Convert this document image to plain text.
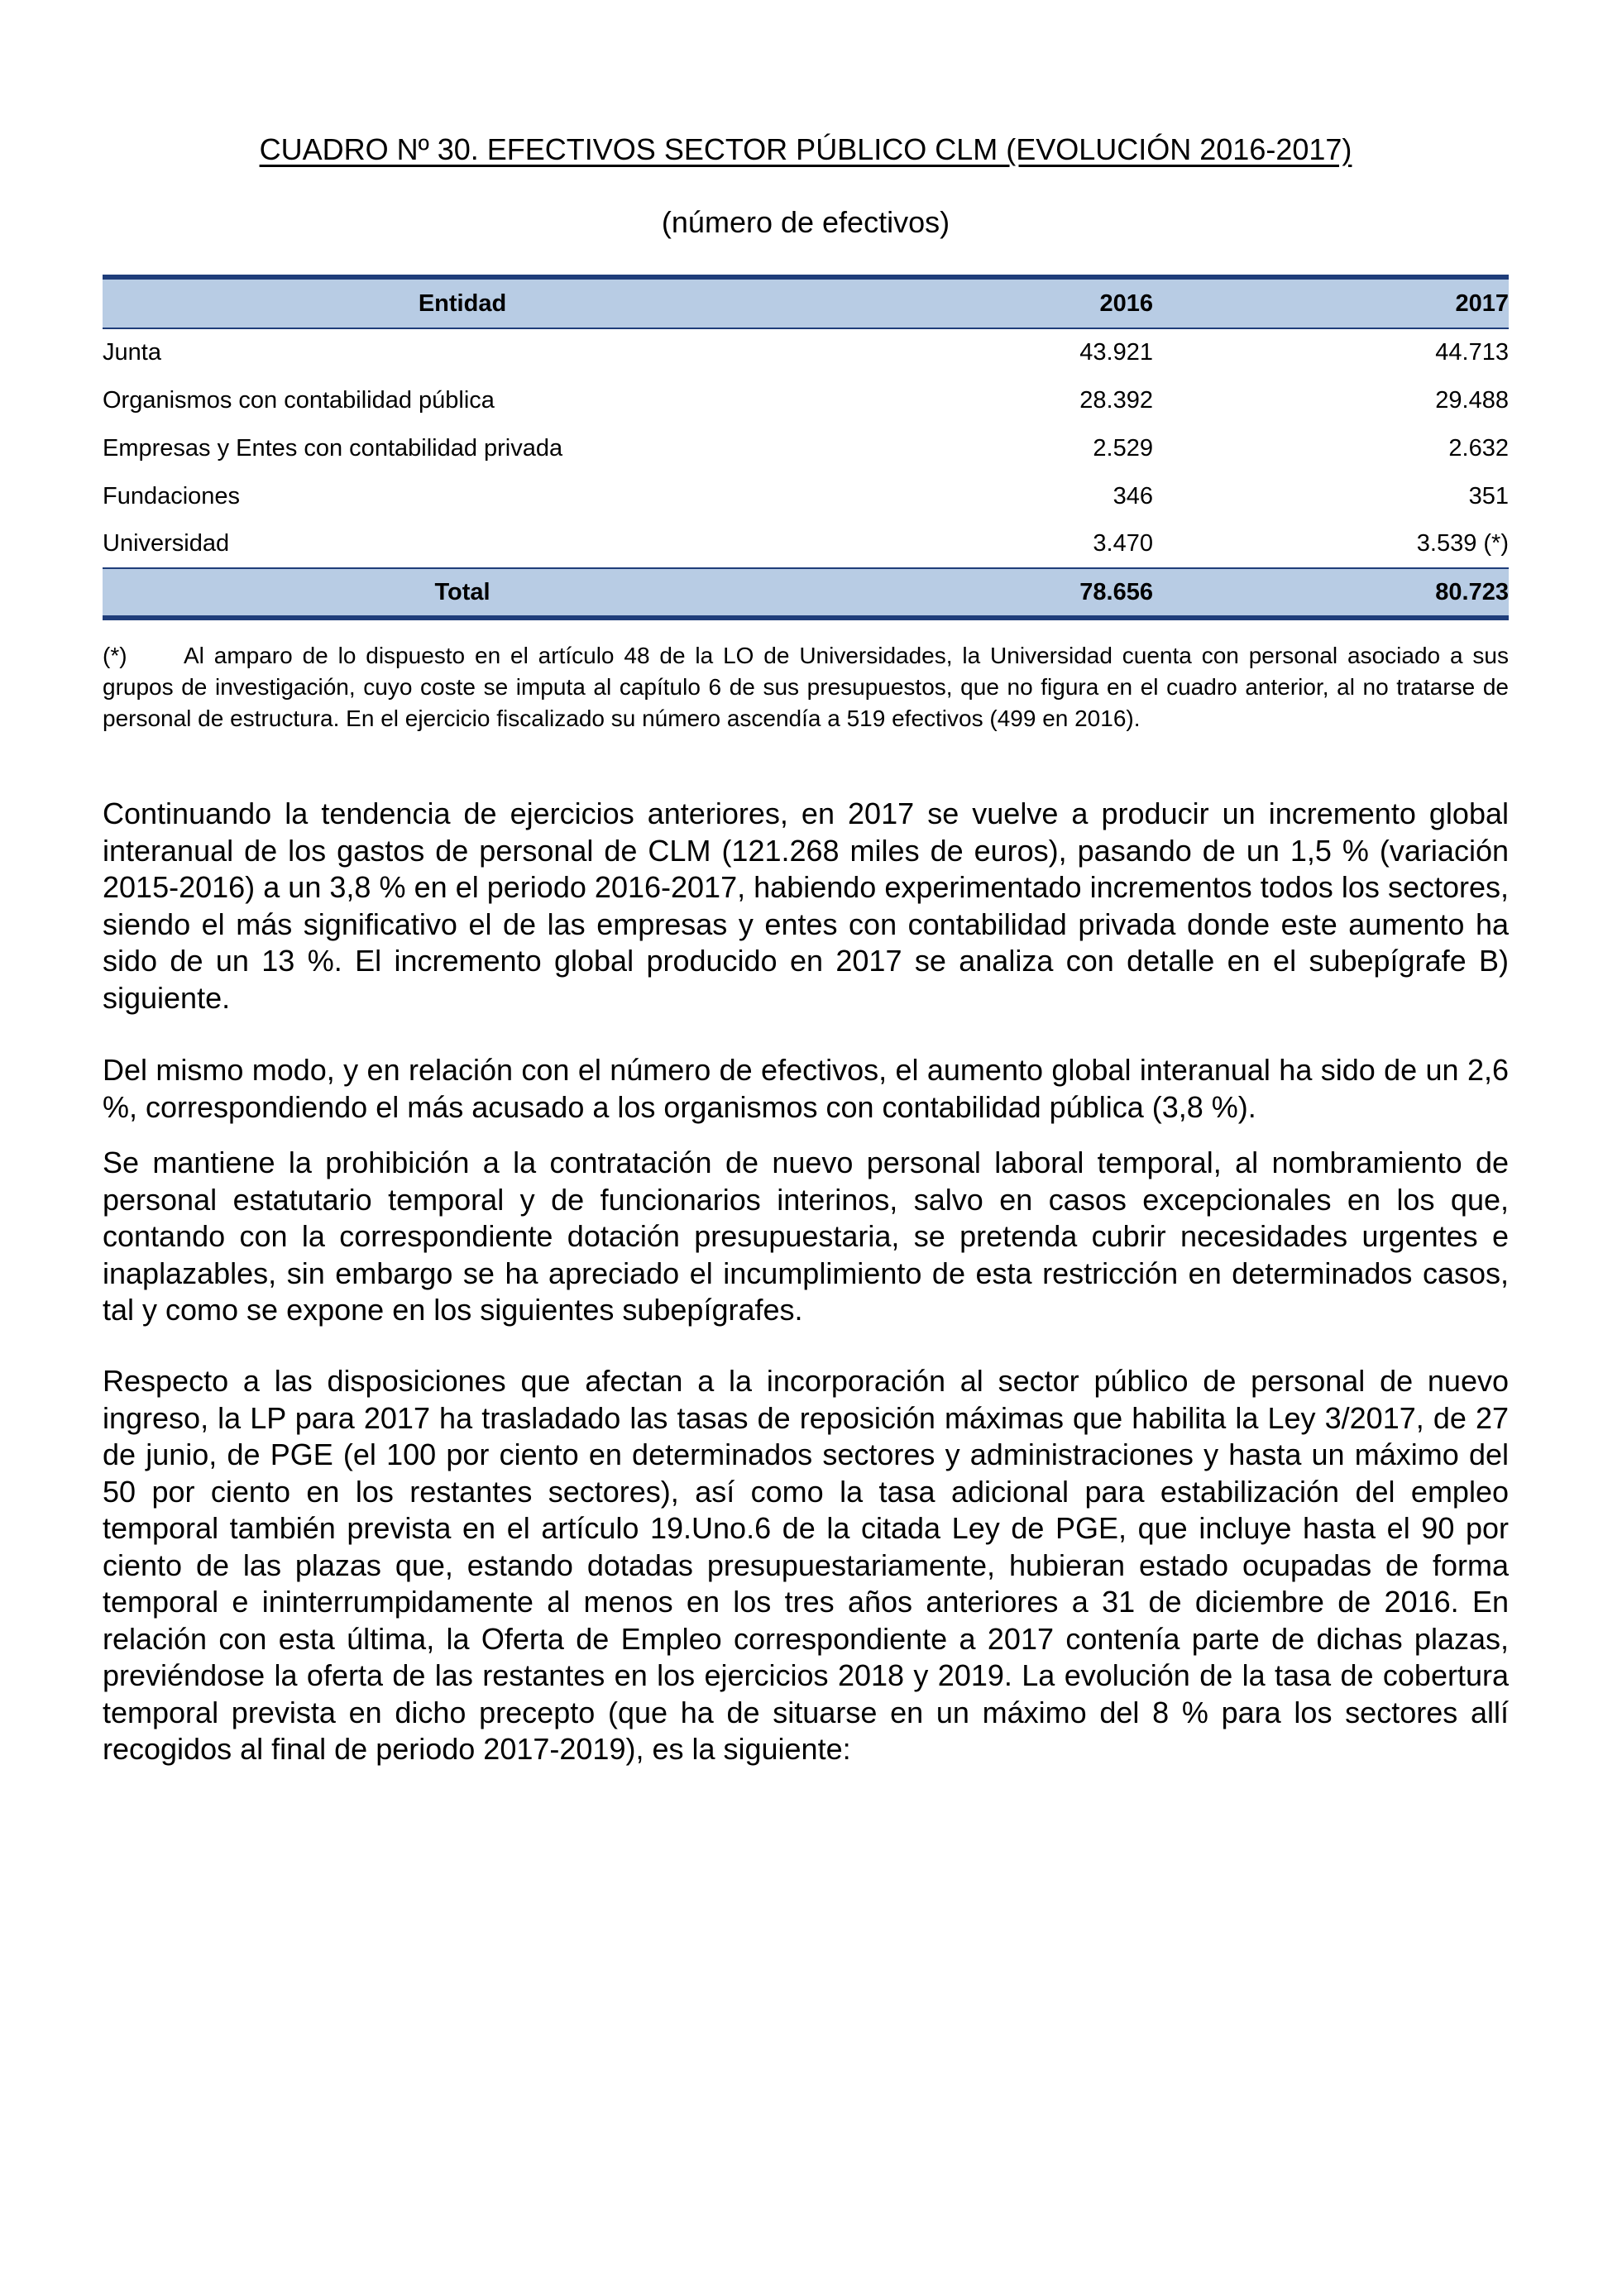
CUADRO Nº 30. EFECTIVOS SECTOR PÚBLICO CLM (EVOLUCIÓN 2016-2017)

(número de efectivos)

Entidad	2016	2017
Junta	43.921	44.713
Organismos con contabilidad pública	28.392	29.488
Empresas y Entes con contabilidad privada	2.529	2.632
Fundaciones	346	351
Universidad	3.470	3.539 (*)
Total	78.656	80.723

(*) Al amparo de lo dispuesto en el artículo 48 de la LO de Universidades, la Universidad cuenta con personal asociado a sus grupos de investigación, cuyo coste se imputa al capítulo 6 de sus presupuestos, que no figura en el cuadro anterior, al no tratarse de personal de estructura. En el ejercicio fiscalizado su número ascendía a 519 efectivos (499 en 2016).

Continuando la tendencia de ejercicios anteriores, en 2017 se vuelve a producir un incremento global interanual de los gastos de personal de CLM (121.268 miles de euros), pasando de un 1,5 % (variación 2015-2016) a un 3,8 % en el periodo 2016-2017, habiendo experimentado incrementos todos los sectores, siendo el más significativo el de las empresas y entes con contabilidad privada donde este aumento ha sido de un 13 %. El incremento global producido en 2017 se analiza con detalle en el subepígrafe B) siguiente.

Del mismo modo, y en relación con el número de efectivos, el aumento global interanual ha sido de un 2,6 %, correspondiendo el más acusado a los organismos con contabilidad pública (3,8 %).

Se mantiene la prohibición a la contratación de nuevo personal laboral temporal, al nombramiento de personal estatutario temporal y de funcionarios interinos, salvo en casos excepcionales en los que, contando con la correspondiente dotación presupuestaria, se pretenda cubrir necesidades urgentes e inaplazables, sin embargo se ha apreciado el incumplimiento de esta restricción en determinados casos, tal y como se expone en los siguientes subepígrafes.

Respecto a las disposiciones que afectan a la incorporación al sector público de personal de nuevo ingreso, la LP para 2017 ha trasladado las tasas de reposición máximas que habilita la Ley 3/2017, de 27 de junio, de PGE (el 100 por ciento en determinados sectores y administraciones y hasta un máximo del 50 por ciento en los restantes sectores), así como la tasa adicional para estabilización del empleo temporal también prevista en el artículo 19.Uno.6 de la citada Ley de PGE, que incluye hasta el 90 por ciento de las plazas que, estando dotadas presupuestariamente, hubieran estado ocupadas de forma temporal e ininterrumpidamente al menos en los tres años anteriores a 31 de diciembre de 2016. En relación con esta última, la Oferta de Empleo correspondiente a 2017 contenía parte de dichas plazas, previéndose la oferta de las restantes en los ejercicios 2018 y 2019. La evolución de la tasa de cobertura temporal prevista en dicho precepto (que ha de situarse en un máximo del 8 % para los sectores allí recogidos al final de periodo 2017-2019), es la siguiente:
